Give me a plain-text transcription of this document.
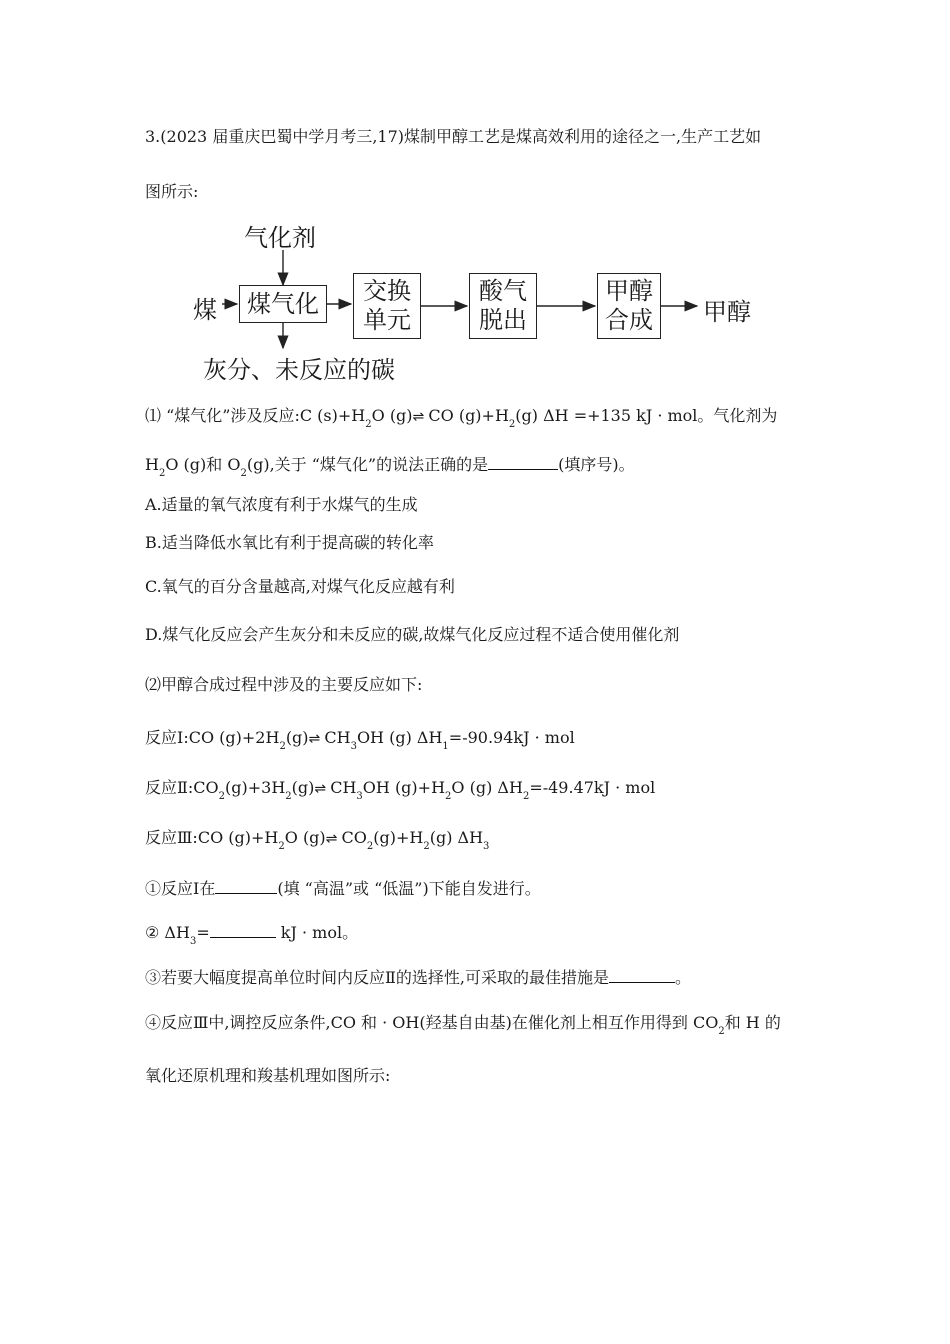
3.(2023 届重庆巴蜀中学月考三,17)煤制甲醇工艺是煤高效利用的途径之一,生产工艺如
图所示:
气化剂
煤 煤气化 交换
单元
酸气
脱出
甲醇
合成 甲醇
灰分、未反应的碳
⑴ “煤气化”涉及反应:C $(s)+H_2O$ (g)⇌ CO $(g)+H_2(g)$ ΔH =+135 kJ · mol。气化剂为
$H_2O$ (g)和 $O_2(g)$,关于 “煤气化”的说法正确的是	(填序号)。
A.适量的氧气浓度有利于水煤气的生成
B.适当降低水氧比有利于提高碳的转化率
C.氧气的百分含量越高,对煤气化反应越有利
D.煤气化反应会产生灰分和未反应的碳,故煤气化反应过程不适合使用催化剂
⑵甲醇合成过程中涉及的主要反应如下:
反应Ⅰ:CO $(g)+2H_2(g)\rightleftharpoons$ $CH_3OH$ (g) $\Delta H_1=-90.94kJ$ · mol
反应$Ⅱ:CO_2(g)+3H_2(g)\rightleftharpoons$ $CH_3OH$ $(g)+H_2O$ (g) $\Delta H_2=-49.47kJ$ · mol
反应Ⅲ:CO $(g)+H_2O$ (g)⇌ $CO_2(g)+H_2(g)$ $\Delta H_3$
①反应Ⅰ在	(填 “高温”或 “低温”)下能自发进行。
② $\Delta H_3=$	kJ · mol。
③若要大幅度提高单位时间内反应Ⅱ的选择性,可采取的最佳措施是	。
④反应Ⅲ中,调控反应条件,CO 和 · OH(羟基自由基)在催化剂上相互作用得到 $CO_2$和 H 的
氧化还原机理和羧基机理如图所示:
